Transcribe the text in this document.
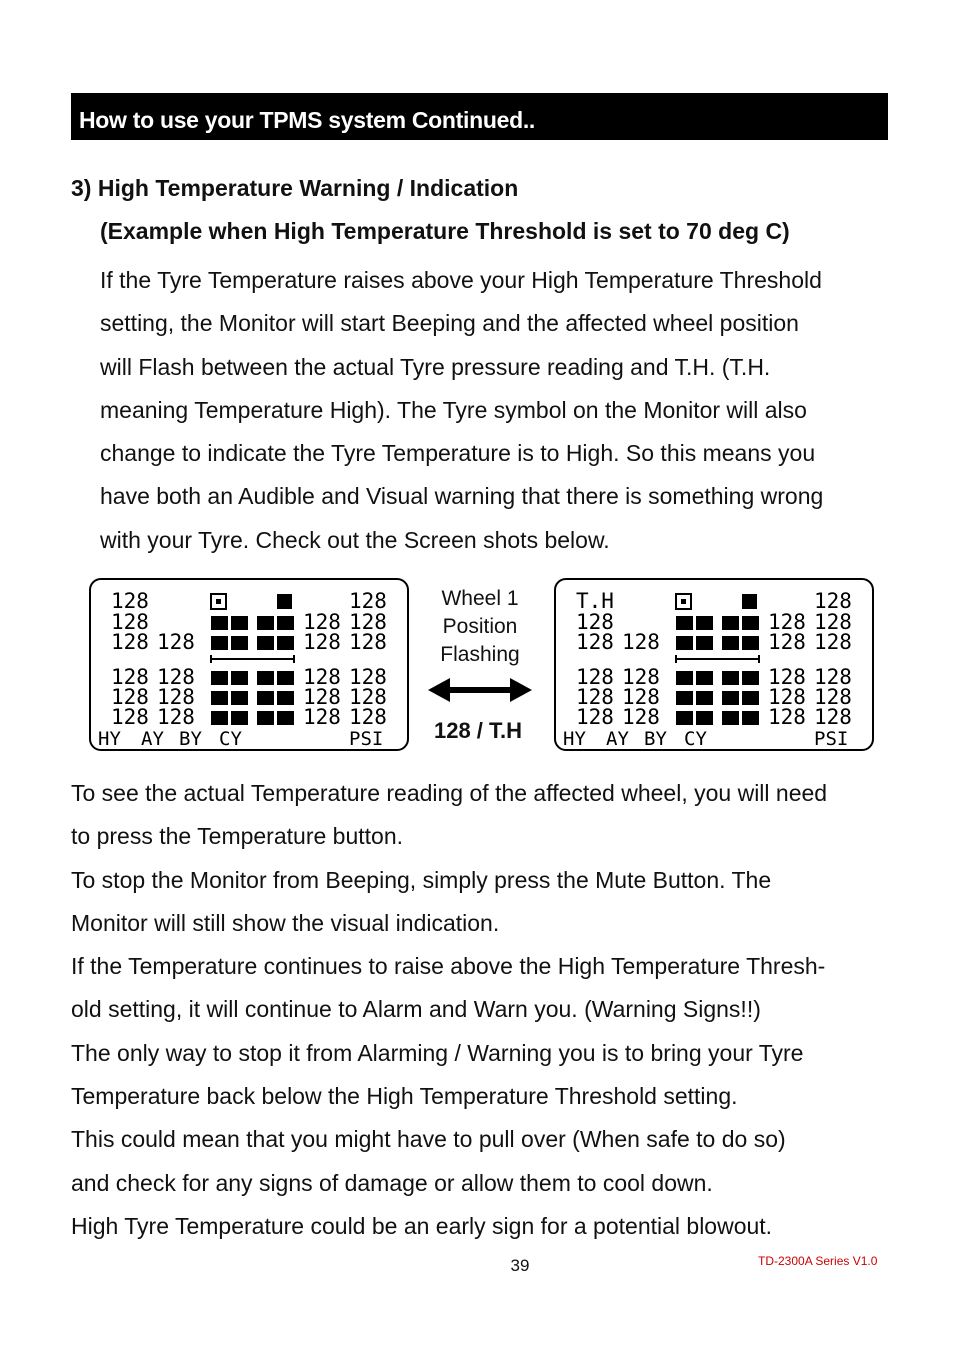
How to use your TPMS system Continued..
3) High Temperature Warning / Indication
(Example when High Temperature Threshold is set to 70 deg C)

If the Tyre Temperature raises above your High Temperature Threshold
setting, the Monitor will start Beeping and the affected wheel position
will Flash between the actual Tyre pressure reading and T.H. (T.H.
meaning Temperature High). The Tyre symbol on the Monitor will also
change to indicate the Tyre Temperature is to High. So this means you
have both an Audible and Visual warning that there is something wrong
with your Tyre. Check out the Screen shots below.

128	128
128	128 128
128 128	128 128
128 128	128 128
128 128	128 128
128 128	128 128
HY AY BY CY	PSI
Wheel 1
Position
Flashing
128 / T.H
T.H	128
128	128 128
128 128	128 128
128 128	128 128
128 128	128 128
128 128	128 128
HY AY BY CY	PSI

To see the actual Temperature reading of the affected wheel, you will need
to press the Temperature button.
To stop the Monitor from Beeping, simply press the Mute Button. The
Monitor will still show the visual indication.
If the Temperature continues to raise above the High Temperature Thresh-
old setting, it will continue to Alarm and Warn you. (Warning Signs!!)
The only way to stop it from Alarming / Warning you is to bring your Tyre
Temperature back below the High Temperature Threshold setting.
This could mean that you might have to pull over (When safe to do so)
and check for any signs of damage or allow them to cool down.
High Tyre Temperature could be an early sign for a potential blowout.

39	TD-2300A Series V1.0
